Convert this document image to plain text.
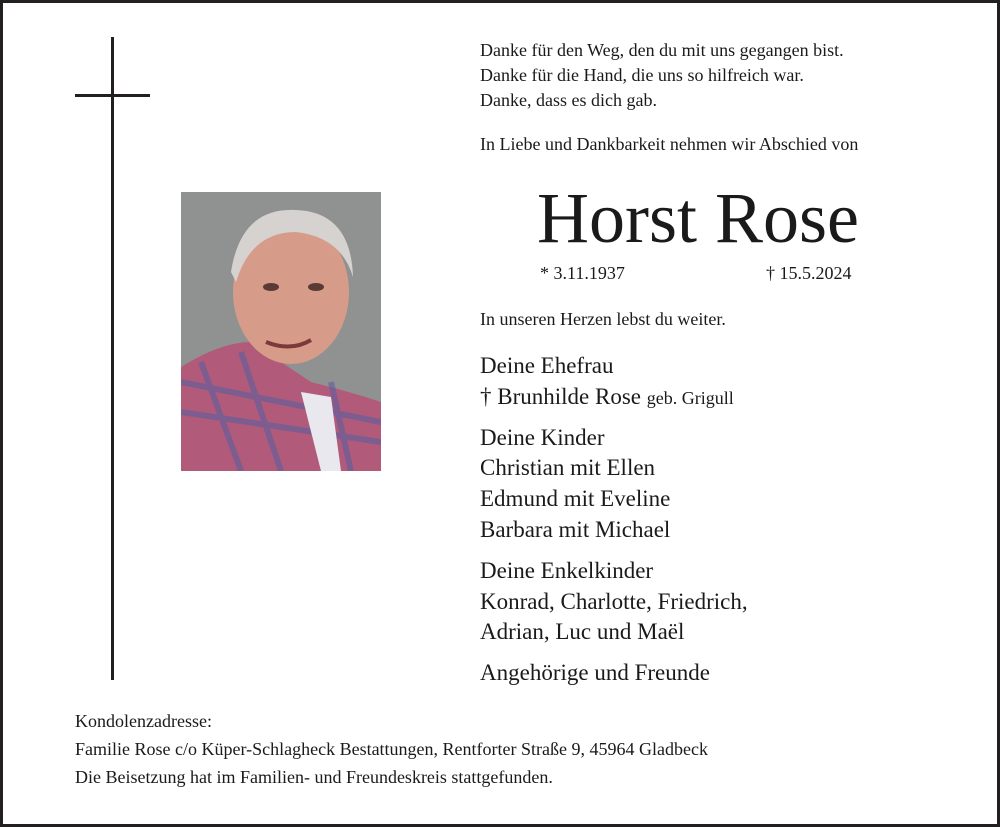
Danke für den Weg, den du mit uns gegangen bist.
Danke für die Hand, die uns so hilfreich war.
Danke, dass es dich gab.
In Liebe und Dankbarkeit nehmen wir Abschied von
Horst Rose
* 3.11.1937	† 15.5.2024
In unseren Herzen lebst du weiter.
Deine Ehefrau
† Brunhilde Rose geb. Grigull
Deine Kinder
Christian mit Ellen
Edmund mit Eveline
Barbara mit Michael
Deine Enkelkinder
Konrad, Charlotte, Friedrich,
Adrian, Luc und Maël
Angehörige und Freunde
Kondolenzadresse:
Familie Rose c/o Küper-Schlagheck Bestattungen, Rentforter Straße 9, 45964 Gladbeck
Die Beisetzung hat im Familien- und Freundeskreis stattgefunden.
